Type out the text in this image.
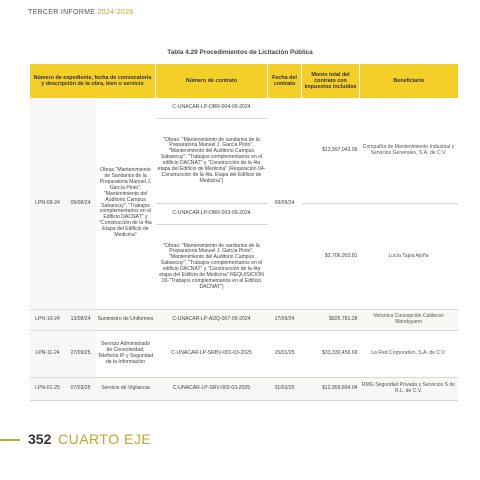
TERCER INFORME 2024-2026
Tabla 4.29 Procedimientos de Licitación Pública
Número de expediente, fecha de convocatoria y descripción de la obra, bien o servicio			Número de contrato	Fecha del contrato	Monto total del contrato con impuestos incluidos	Beneficiario
LPN-09-24	09/08/24	Obras "Mantenimiento de Sanitarios de la Preparatoria Manuel J. García Pinto", "Mantenimiento del Auditorio Campus Sabancuy", "Trabajos complementarios en el Edificio DACNAT" y "Construcción de la 4ta Etapa del Edificio de Medicina"	C-UNACAR-LP-OBR-004-09-2024	09/09/24	$13,997,043.95	Compañía de Mantenimiento Industrial y Servicios Generales, S.A. de C.V.
			"Obras: "Mantenimiento de sanitarios de la Preparatoria Manuel J. García Pinto", "Mantenimiento del Auditorio Campus Sabancuy", "Trabajos complementarios en el edificio DACNAT" y "Construcción de la 4ta etapa del Edificio de Medicina" (Requisición 04-Construcción de la 4ta. Etapa del Edificio de Medicina")			
			C-UNACAR-LP-OBR-003-09-2024		$2,706,953.81	Lucía Tapia Ajoña
			"Obras: "Mantenimiento de sanitarios de la Preparatoria Manuel J. García Pinto", "Mantenimiento del Auditorio Campus Sabancuy", "Trabajos complementarios en el edificio DACNAT" y "Construcción de la 4ta etapa del Edificio de Medicina" REQUISICIÓN 03-"Trabajos complementarios en el Edificio DACNAT")			
LPN-10-24	13/08/24	Suministro de Uniformes	C-UNACAR-LP-ADQ-007-09-2024	17/09/24	$825,781.28	Veronica Concepción Calderon Manduyano
LPN-11-24	27/09/25	Servicio Administrado de Conectividad, Telefonía IP y Seguridad de la Información	C-UNACAR-LP-SRBV-001-03-2025	15/01/25	$33,330,456.69	La Red Corporativo, S.A. de C.V.
LPN-01-25	07/03/25	Servicio de Vigilancia	C-UNACAR-LP-SRV-002-03-2025	31/03/25	$12,959,894.04	RMG Seguridad Privada y Servicios S de R.L. de C.V.
352 CUARTO EJE
